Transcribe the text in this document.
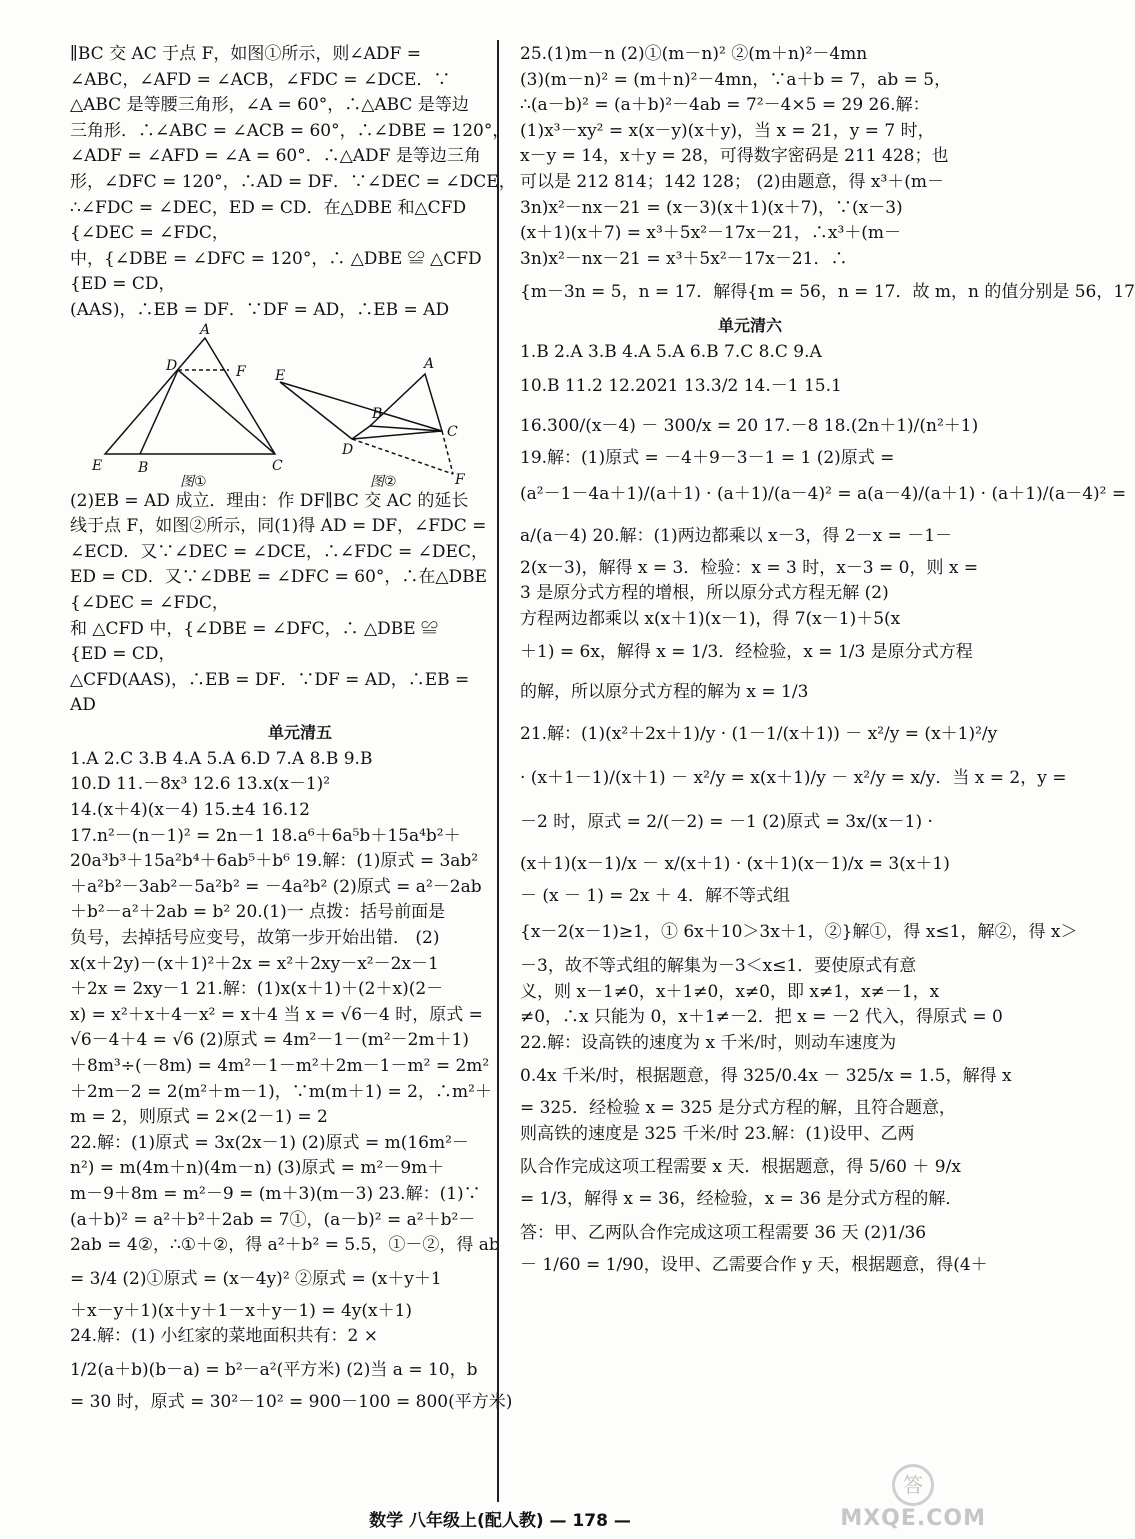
∥BC 交 AC 于点 F，如图①所示，则∠ADF =
∠ABC，∠AFD = ∠ACB，∠FDC = ∠DCE．∵
△ABC 是等腰三角形，∠A = 60°，∴△ABC 是等边
三角形．∴∠ABC = ∠ACB = 60°，∴∠DBE = 120°，
∠ADF = ∠AFD = ∠A = 60°．∴△ADF 是等边三角
形，∠DFC = 120°，∴AD = DF．∵∠DEC = ∠DCE，
∴∠FDC = ∠DEC，ED = CD．在△DBE 和△CFD
{∠DEC = ∠FDC，
中，{∠DBE = ∠DFC = 120°，∴ △DBE ≌ △CFD
{ED = CD，
(AAS)，∴EB = DF．∵DF = AD，∴EB = AD
A
D	F
E	B	C
E
A
B
C
D
F
图①	图②
(2)EB = AD 成立．理由：作 DF∥BC 交 AC 的延长
线于点 F，如图②所示，同(1)得 AD = DF，∠FDC =
∠ECD．又∵∠DEC = ∠DCE，∴∠FDC = ∠DEC，
ED = CD．又∵∠DBE = ∠DFC = 60°，∴在△DBE
{∠DEC = ∠FDC，
和 △CFD 中，{∠DBE = ∠DFC，∴ △DBE ≌
{ED = CD，
△CFD(AAS)，∴EB = DF．∵DF = AD，∴EB =
AD
单元清五
1.A 2.C 3.B 4.A 5.A 6.D 7.A 8.B 9.B
10.D 11.－8x³ 12.6 13.x(x－1)²
14.(x＋4)(x－4) 15.±4 16.12
17.n²－(n－1)² = 2n－1 18.a⁶＋6a⁵b＋15a⁴b²＋
20a³b³＋15a²b⁴＋6ab⁵＋b⁶ 19.解：(1)原式 = 3ab²
＋a²b²－3ab²－5a²b² = －4a²b² (2)原式 = a²－2ab
＋b²－a²＋2ab = b² 20.(1)一 点拨：括号前面是
负号，去掉括号应变号，故第一步开始出错． (2)
x(x＋2y)－(x＋1)²＋2x = x²＋2xy－x²－2x－1
＋2x = 2xy－1 21.解：(1)x(x＋1)＋(2＋x)(2－
x) = x²＋x＋4－x² = x＋4 当 x = √6－4 时，原式 =
√6－4＋4 = √6 (2)原式 = 4m²－1－(m²－2m＋1)
＋8m³÷(－8m) = 4m²－1－m²＋2m－1－m² = 2m²
＋2m－2 = 2(m²＋m－1)，∵m(m＋1) = 2，∴m²＋
m = 2，则原式 = 2×(2－1) = 2
22.解：(1)原式 = 3x(2x－1) (2)原式 = m(16m²－
n²) = m(4m＋n)(4m－n) (3)原式 = m²－9m＋
m－9＋8m = m²－9 = (m＋3)(m－3) 23.解：(1)∵
(a＋b)² = a²＋b²＋2ab = 7①，(a－b)² = a²＋b²－
2ab = 4②，∴①＋②，得 a²＋b² = 5.5，①－②，得 ab
= 3/4 (2)①原式 = (x－4y)² ②原式 = (x＋y＋1
＋x－y＋1)(x＋y＋1－x＋y－1) = 4y(x＋1)
24.解：(1) 小红家的菜地面积共有：2 ×
1/2(a＋b)(b－a) = b²－a²(平方米) (2)当 a = 10，b
= 30 时，原式 = 30²－10² = 900－100 = 800(平方米)
25.(1)m－n (2)①(m－n)² ②(m＋n)²－4mn
(3)(m－n)² = (m＋n)²－4mn，∵a＋b = 7，ab = 5，
∴(a－b)² = (a＋b)²－4ab = 7²－4×5 = 29 26.解：
(1)x³－xy² = x(x－y)(x＋y)，当 x = 21，y = 7 时，
x－y = 14，x＋y = 28，可得数字密码是 211 428；也
可以是 212 814；142 128； (2)由题意，得 x³＋(m－
3n)x²－nx－21 = (x－3)(x＋1)(x＋7)，∵(x－3)
(x＋1)(x＋7) = x³＋5x²－17x－21，∴x³＋(m－
3n)x²－nx－21 = x³＋5x²－17x－21．∴
{m－3n = 5，n = 17．解得{m = 56，n = 17．故 m，n 的值分别是 56，17
单元清六
1.B 2.A 3.B 4.A 5.A 6.B 7.C 8.C 9.A
10.B 11.2 12.2021 13.3/2 14.－1 15.1
16.300/(x－4) － 300/x = 20 17.－8 18.(2n＋1)/(n²＋1)
19.解：(1)原式 = －4＋9－3－1 = 1 (2)原式 =
(a²－1－4a＋1)/(a＋1) · (a＋1)/(a－4)² = a(a－4)/(a＋1) · (a＋1)/(a－4)² =
a/(a－4) 20.解：(1)两边都乘以 x－3，得 2－x = －1－
2(x－3)，解得 x = 3．检验：x = 3 时，x－3 = 0，则 x =
3 是原分式方程的增根，所以原分式方程无解 (2)
方程两边都乘以 x(x＋1)(x－1)，得 7(x－1)＋5(x
＋1) = 6x，解得 x = 1/3．经检验，x = 1/3 是原分式方程
的解，所以原分式方程的解为 x = 1/3
21.解：(1)(x²＋2x＋1)/y · (1－1/(x＋1)) － x²/y = (x＋1)²/y
· (x＋1－1)/(x＋1) － x²/y = x(x＋1)/y － x²/y = x/y．当 x = 2，y =
－2 时，原式 = 2/(－2) = －1 (2)原式 = 3x/(x－1) ·
(x＋1)(x－1)/x － x/(x＋1) · (x＋1)(x－1)/x = 3(x＋1)
－ (x － 1) = 2x ＋ 4．解不等式组
{x－2(x－1)≥1，① 6x＋10＞3x＋1，②}解①，得 x≤1，解②，得 x＞
－3，故不等式组的解集为－3＜x≤1．要使原式有意
义，则 x－1≠0，x＋1≠0，x≠0，即 x≠1，x≠－1，x
≠0，∴x 只能为 0，x＋1≠－2．把 x = －2 代入，得原式 = 0
22.解：设高铁的速度为 x 千米/时，则动车速度为
0.4x 千米/时，根据题意，得 325/0.4x － 325/x = 1.5，解得 x
= 325．经检验 x = 325 是分式方程的解，且符合题意，
则高铁的速度是 325 千米/时 23.解：(1)设甲、乙两
队合作完成这项工程需要 x 天．根据题意，得 5/60 ＋ 9/x
= 1/3，解得 x = 36，经检验，x = 36 是分式方程的解．
答：甲、乙两队合作完成这项工程需要 36 天 (2)1/36
－ 1/60 = 1/90，设甲、乙需要合作 y 天，根据题意，得(4＋
数学 八年级上(配人教) — 178 —
答
MXQE.COM
